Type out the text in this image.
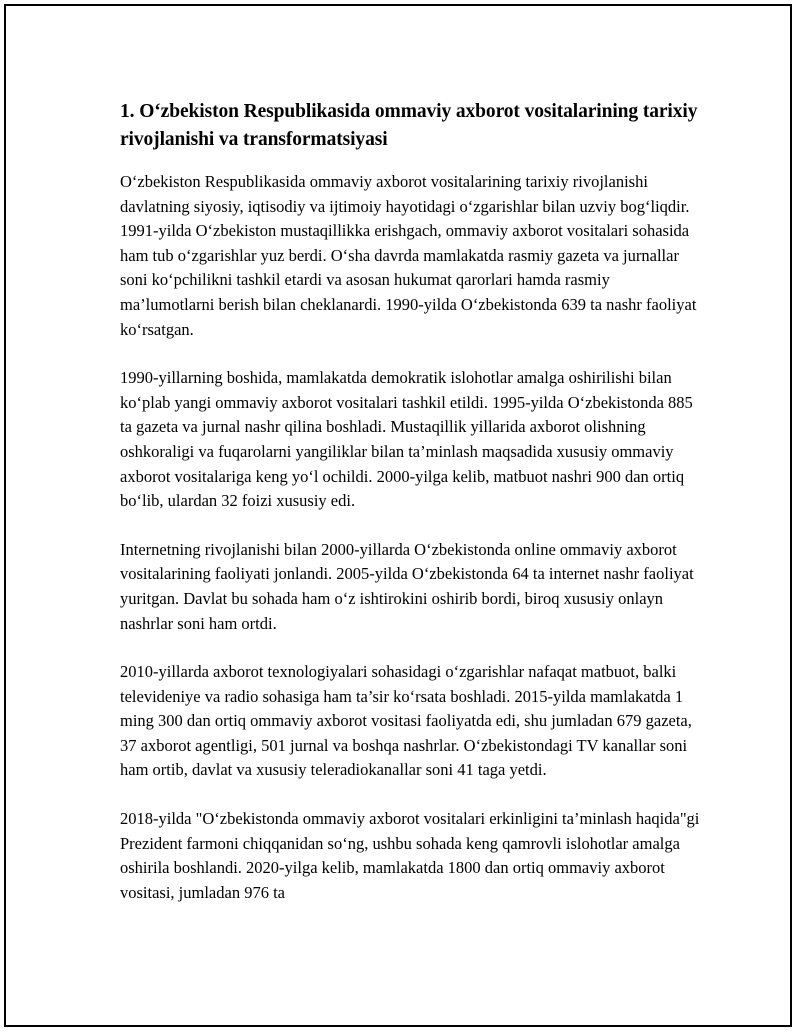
1. O‘zbekiston Respublikasida ommaviy axborot vositalarining tarixiy rivojlanishi va transformatsiyasi

O‘zbekiston Respublikasida ommaviy axborot vositalarining tarixiy rivojlanishi davlatning siyosiy, iqtisodiy va ijtimoiy hayotidagi o‘zgarishlar bilan uzviy bog‘liqdir. 1991-yilda O‘zbekiston mustaqillikka erishgach, ommaviy axborot vositalari sohasida ham tub o‘zgarishlar yuz berdi. O‘sha davrda mamlakatda rasmiy gazeta va jurnallar soni ko‘pchilikni tashkil etardi va asosan hukumat qarorlari hamda rasmiy ma’lumotlarni berish bilan cheklanardi. 1990-yilda O‘zbekistonda 639 ta nashr faoliyat ko‘rsatgan.

1990-yillarning boshida, mamlakatda demokratik islohotlar amalga oshirilishi bilan ko‘plab yangi ommaviy axborot vositalari tashkil etildi. 1995-yilda O‘zbekistonda 885 ta gazeta va jurnal nashr qilina boshladi. Mustaqillik yillarida axborot olishning oshkoraligi va fuqarolarni yangiliklar bilan ta’minlash maqsadida xususiy ommaviy axborot vositalariga keng yo‘l ochildi. 2000-yilga kelib, matbuot nashri 900 dan ortiq bo‘lib, ulardan 32 foizi xususiy edi.

Internetning rivojlanishi bilan 2000-yillarda O‘zbekistonda online ommaviy axborot vositalarining faoliyati jonlandi. 2005-yilda O‘zbekistonda 64 ta internet nashr faoliyat yuritgan. Davlat bu sohada ham o‘z ishtirokini oshirib bordi, biroq xususiy onlayn nashrlar soni ham ortdi.

2010-yillarda axborot texnologiyalari sohasidagi o‘zgarishlar nafaqat matbuot, balki televideniye va radio sohasiga ham ta’sir ko‘rsata boshladi. 2015-yilda mamlakatda 1 ming 300 dan ortiq ommaviy axborot vositasi faoliyatda edi, shu jumladan 679 gazeta, 37 axborot agentligi, 501 jurnal va boshqa nashrlar. O‘zbekistondagi TV kanallar soni ham ortib, davlat va xususiy teleradiokanallar soni 41 taga yetdi.

2018-yilda "O‘zbekistonda ommaviy axborot vositalari erkinligini ta’minlash haqida"gi Prezident farmoni chiqqanidan so‘ng, ushbu sohada keng qamrovli islohotlar amalga oshirila boshlandi. 2020-yilga kelib, mamlakatda 1800 dan ortiq ommaviy axborot vositasi, jumladan 976 ta
